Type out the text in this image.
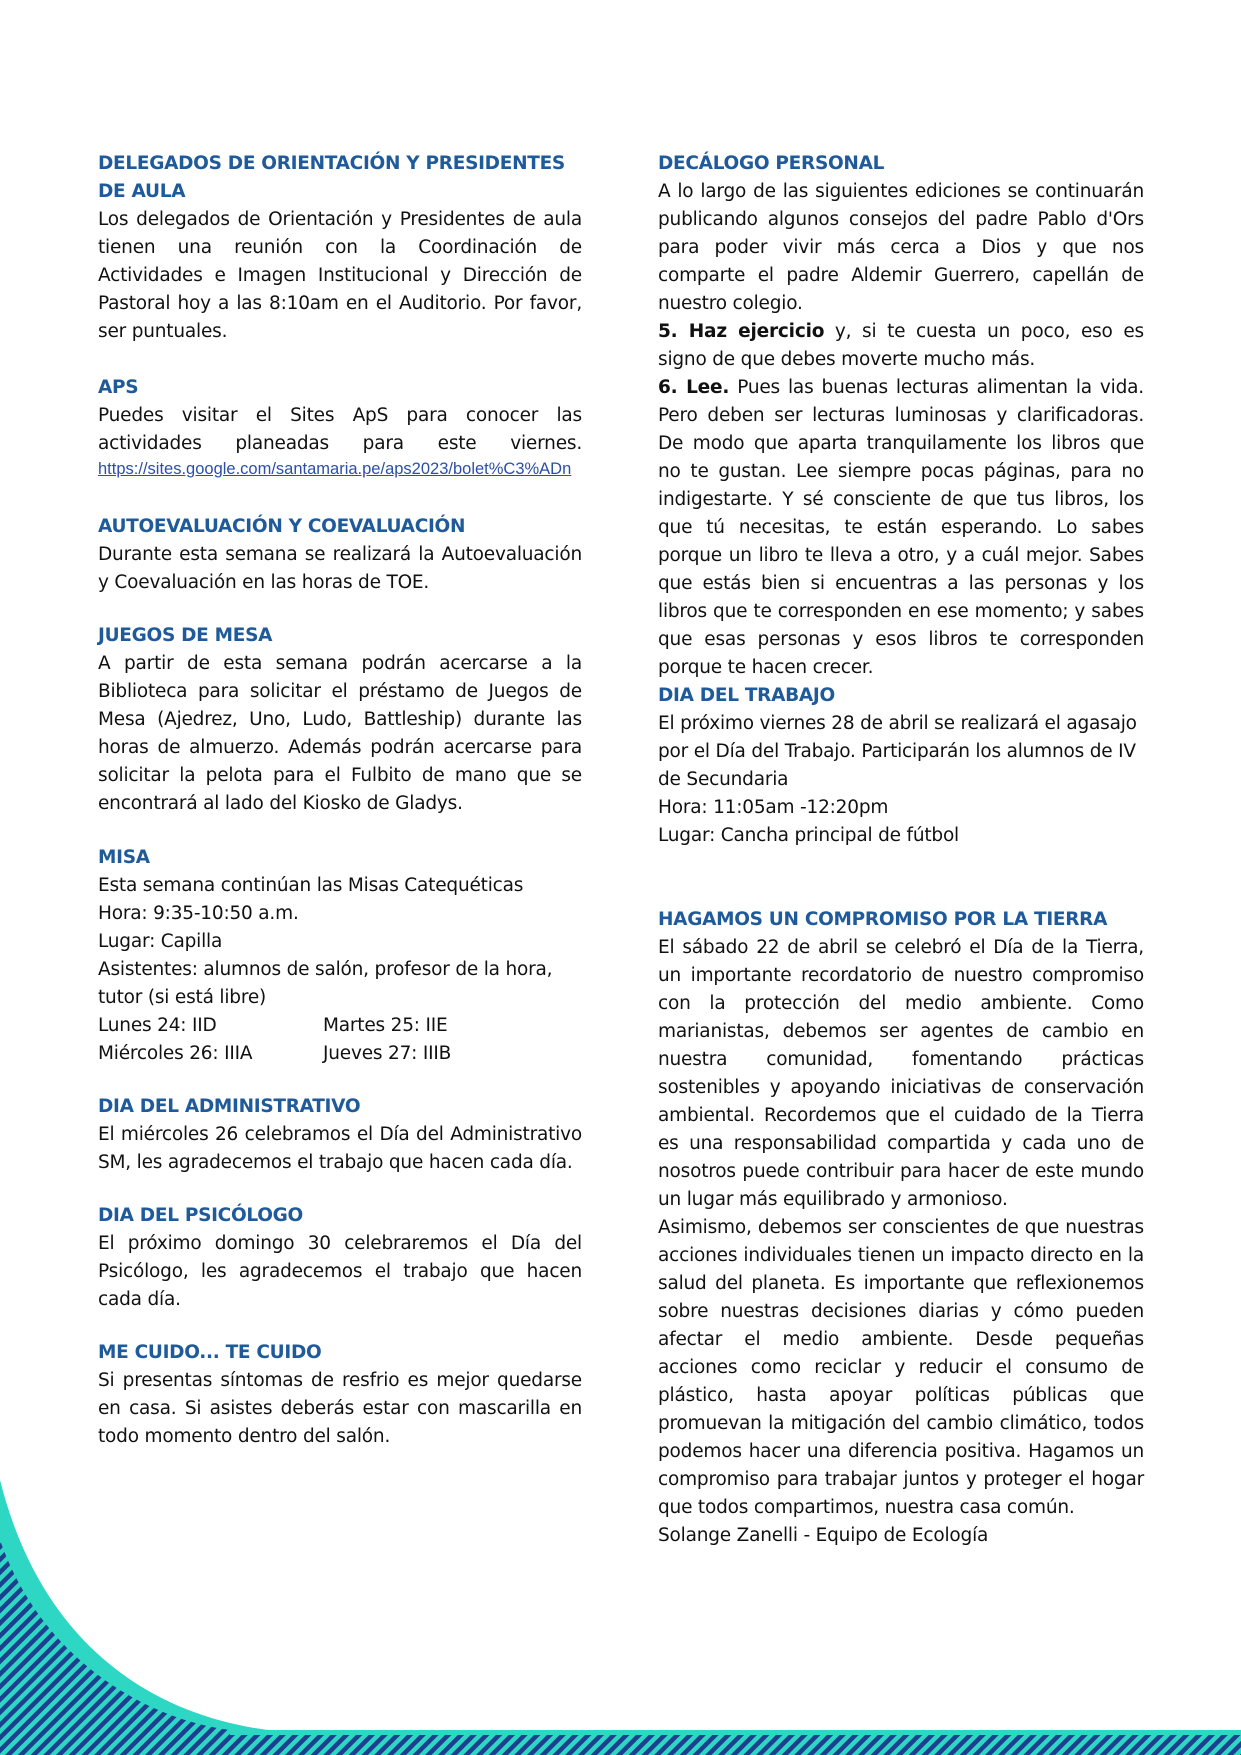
DELEGADOS DE ORIENTACIÓN Y PRESIDENTES DE AULA

Los delegados de Orientación y Presidentes de aula tienen una reunión con la Coordinación de Actividades e Imagen Institucional y Dirección de Pastoral hoy a las 8:10am en el Auditorio. Por favor, ser puntuales.

APS

Puedes visitar el Sites ApS para conocer las actividades planeadas para este viernes.

https://sites.google.com/santamaria.pe/aps2023/bolet%C3%ADn
AUTOEVALUACIÓN Y COEVALUACIÓN

Durante esta semana se realizará la Autoevaluación y Coevaluación en las horas de TOE.

JUEGOS DE MESA

A partir de esta semana podrán acercarse a la Biblioteca para solicitar el préstamo de Juegos de Mesa (Ajedrez, Uno, Ludo, Battleship) durante las horas de almuerzo. Además podrán acercarse para solicitar la pelota para el Fulbito de mano que se encontrará al lado del Kiosko de Gladys.

MISA

Esta semana continúan las Misas Catequéticas

Hora: 9:35-10:50 a.m.

Lugar: Capilla

Asistentes: alumnos de salón, profesor de la hora, tutor (si está libre)

Lunes 24: IID	Martes 25: IIE
Miércoles 26: IIIA	Jueves 27: IIIB
DIA DEL ADMINISTRATIVO

El miércoles 26 celebramos el Día del Administrativo SM, les agradecemos el trabajo que hacen cada día.

DIA DEL PSICÓLOGO

El próximo domingo 30 celebraremos el Día del Psicólogo, les agradecemos el trabajo que hacen cada día.

ME CUIDO... TE CUIDO

Si presentas síntomas de resfrio es mejor quedarse en casa. Si asistes deberás estar con mascarilla en todo momento dentro del salón.

DECÁLOGO PERSONAL

A lo largo de las siguientes ediciones se continuarán publicando algunos consejos del padre Pablo d'Ors para poder vivir más cerca a Dios y que nos comparte el padre Aldemir Guerrero, capellán de nuestro colegio.

5. Haz ejercicio y, si te cuesta un poco, eso es signo de que debes moverte mucho más.

6. Lee. Pues las buenas lecturas alimentan la vida. Pero deben ser lecturas luminosas y clarificadoras. De modo que aparta tranquilamente los libros que no te gustan. Lee siempre pocas páginas, para no indigestarte. Y sé consciente de que tus libros, los que tú necesitas, te están esperando. Lo sabes porque un libro te lleva a otro, y a cuál mejor. Sabes que estás bien si encuentras a las personas y los libros que te corresponden en ese momento; y sabes que esas personas y esos libros te corresponden porque te hacen crecer.

DIA DEL TRABAJO

El próximo viernes 28 de abril se realizará el agasajo por el Día del Trabajo. Participarán los alumnos de IV de Secundaria

Hora: 11:05am -12:20pm

Lugar: Cancha principal de fútbol

HAGAMOS UN COMPROMISO POR LA TIERRA

El sábado 22 de abril se celebró el Día de la Tierra, un importante recordatorio de nuestro compromiso con la protección del medio ambiente. Como marianistas, debemos ser agentes de cambio en nuestra comunidad, fomentando prácticas sostenibles y apoyando iniciativas de conservación ambiental. Recordemos que el cuidado de la Tierra es una responsabilidad compartida y cada uno de nosotros puede contribuir para hacer de este mundo un lugar más equilibrado y armonioso.

Asimismo, debemos ser conscientes de que nuestras acciones individuales tienen un impacto directo en la salud del planeta. Es importante que reflexionemos sobre nuestras decisiones diarias y cómo pueden afectar el medio ambiente. Desde pequeñas acciones como reciclar y reducir el consumo de plástico, hasta apoyar políticas públicas que promuevan la mitigación del cambio climático, todos podemos hacer una diferencia positiva. Hagamos un compromiso para trabajar juntos y proteger el hogar que todos compartimos, nuestra casa común.

Solange Zanelli - Equipo de Ecología
